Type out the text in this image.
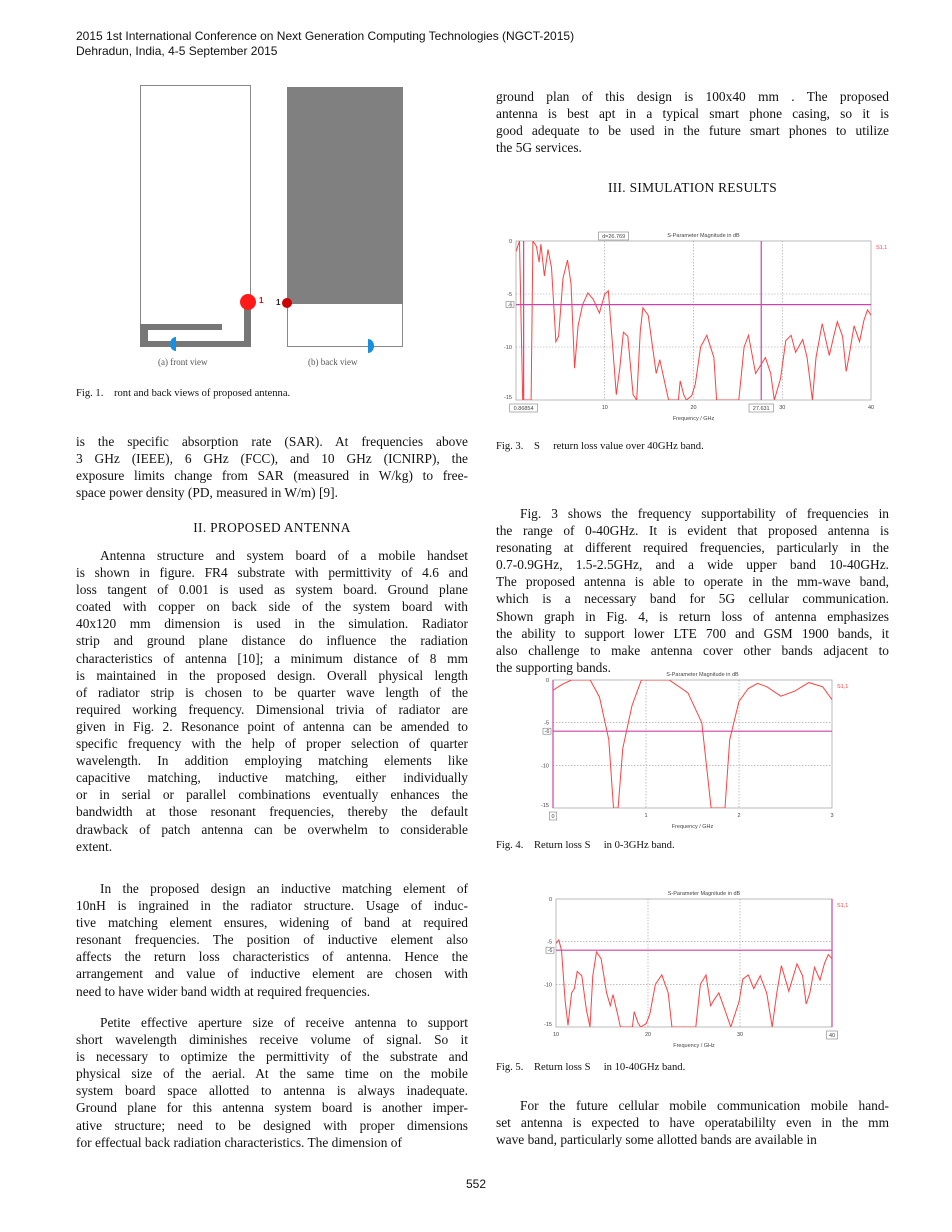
2015 1st International Conference on Next Generation Computing Technologies (NGCT-2015)
Dehradun, India, 4-5 September 2015
1 1
(a) front view	(b) back view
Fig. 1.    ront and back views of proposed antenna.
is the specific absorption rate (SAR). At frequencies above
3 GHz (IEEE), 6 GHz (FCC), and 10 GHz (ICNIRP), the
exposure limits change from SAR (measured in W/kg) to free-
space power density (PD, measured in W/m) [9].
II. PROPOSED ANTENNA
Antenna structure and system board of a mobile handset
is shown in figure. FR4 substrate with permittivity of 4.6 and
loss tangent of 0.001 is used as system board. Ground plane
coated with copper on back side of the system board with
40x120 mm dimension is used in the simulation. Radiator
strip and ground plane distance do influence the radiation
characteristics of antenna [10]; a minimum distance of 8 mm
is maintained in the proposed design. Overall physical length
of radiator strip is chosen to be quarter wave length of the
required working frequency. Dimensional trivia of radiator are
given in Fig. 2. Resonance point of antenna can be amended to
specific frequency with the help of proper selection of quarter
wavelength. In addition employing matching elements like
capacitive matching, inductive matching, either individually
or in serial or parallel combinations eventually enhances the
bandwidth at those resonant frequencies, thereby the default
drawback of patch antenna can be overwhelm to considerable
extent.
In the proposed design an inductive matching element of
10nH is ingrained in the radiator structure. Usage of induc-
tive matching element ensures, widening of band at required
resonant frequencies. The position of inductive element also
affects the return loss characteristics of antenna. Hence the
arrangement and value of inductive element are chosen with
need to have wider band width at required frequencies.
Petite effective aperture size of receive antenna to support
short wavelength diminishes receive volume of signal. So it
is necessary to optimize the permittivity of the substrate and
physical size of the aerial. At the same time on the mobile
system board space allotted to antenna is always inadequate.
Ground plane for this antenna system board is another imper-
ative structure; need to be designed with proper dimensions
for effectual back radiation characteristics. The dimension of
ground plan of this design is 100x40 mm . The proposed
antenna is best apt in a typical smart phone casing, so it is
good adequate to be used in the future smart phones to utilize
the 5G services.
III. SIMULATION RESULTS
0
-5
-10
-15
10	20	30	40
S-Parameter Magnitude in dB
Frequency / GHz
S1,1
-6
0.86854	27.631
d=26.769
Fig. 3.    S     return loss value over 40GHz band.
Fig. 3 shows the frequency supportability of frequencies in
the range of 0-40GHz. It is evident that proposed antenna is
resonating at different required frequencies, particularly in the
0.7-0.9GHz, 1.5-2.5GHz, and a wide upper band 10-40GHz.
The proposed antenna is able to operate in the mm-wave band,
which is a necessary band for 5G cellular communication.
Shown graph in Fig. 4, is return loss of antenna emphasizes
the ability to support lower LTE 700 and GSM 1900 bands, it
also challenge to make antenna cover other bands adjacent to
the supporting bands.
0
-5
-10
-15
1	2	3
S-Parameter Magnitude in dB
Frequency / GHz
S1,1
-6
0
Fig. 4.    Return loss S     in 0-3GHz band.
0
-5
-10
-15
10	20	30
S-Parameter Magnitude in dB
Frequency / GHz
S1,1
-6
40
Fig. 5.    Return loss S     in 10-40GHz band.
For the future cellular mobile communication mobile hand-
set antenna is expected to have operatabililty even in the mm
wave band, particularly some allotted bands are available in
552
